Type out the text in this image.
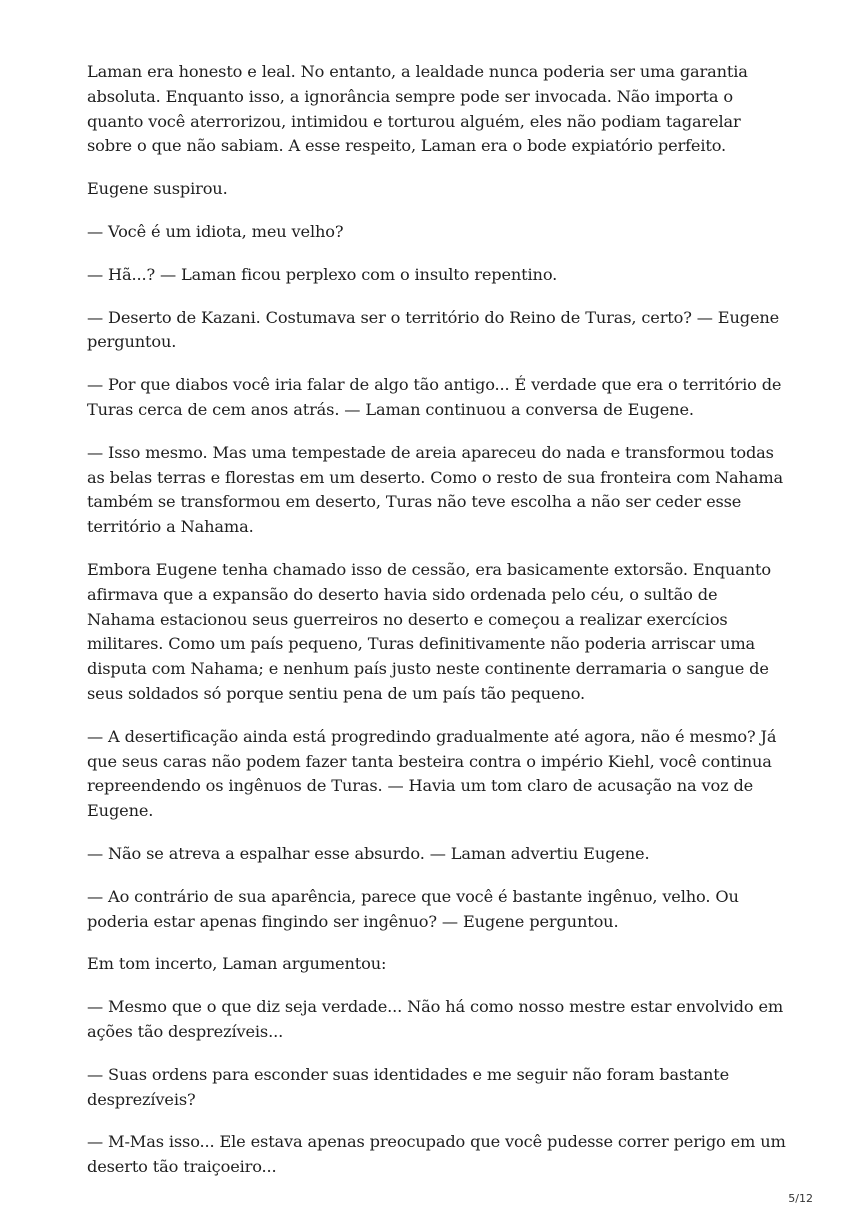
Laman era honesto e leal. No entanto, a lealdade nunca poderia ser uma garantia absoluta. Enquanto isso, a ignorância sempre pode ser invocada. Não importa o quanto você aterrorizou, intimidou e torturou alguém, eles não podiam tagarelar sobre o que não sabiam. A esse respeito, Laman era o bode expiatório perfeito.

Eugene suspirou.

— Você é um idiota, meu velho?

— Hã...? — Laman ficou perplexo com o insulto repentino.

— Deserto de Kazani. Costumava ser o território do Reino de Turas, certo? — Eugene perguntou.

— Por que diabos você iria falar de algo tão antigo... É verdade que era o território de Turas cerca de cem anos atrás. — Laman continuou a conversa de Eugene.

— Isso mesmo. Mas uma tempestade de areia apareceu do nada e transformou todas as belas terras e florestas em um deserto. Como o resto de sua fronteira com Nahama também se transformou em deserto, Turas não teve escolha a não ser ceder esse território a Nahama.

Embora Eugene tenha chamado isso de cessão, era basicamente extorsão. Enquanto afirmava que a expansão do deserto havia sido ordenada pelo céu, o sultão de Nahama estacionou seus guerreiros no deserto e começou a realizar exercícios militares. Como um país pequeno, Turas definitivamente não poderia arriscar uma disputa com Nahama; e nenhum país justo neste continente derramaria o sangue de seus soldados só porque sentiu pena de um país tão pequeno.

— A desertificação ainda está progredindo gradualmente até agora, não é mesmo? Já que seus caras não podem fazer tanta besteira contra o império Kiehl, você continua repreendendo os ingênuos de Turas. — Havia um tom claro de acusação na voz de Eugene.

— Não se atreva a espalhar esse absurdo. — Laman advertiu Eugene.

— Ao contrário de sua aparência, parece que você é bastante ingênuo, velho. Ou poderia estar apenas fingindo ser ingênuo? — Eugene perguntou.

Em tom incerto, Laman argumentou:

— Mesmo que o que diz seja verdade... Não há como nosso mestre estar envolvido em ações tão desprezíveis...

— Suas ordens para esconder suas identidades e me seguir não foram bastante desprezíveis?

— M-Mas isso... Ele estava apenas preocupado que você pudesse correr perigo em um deserto tão traiçoeiro...

5/12
